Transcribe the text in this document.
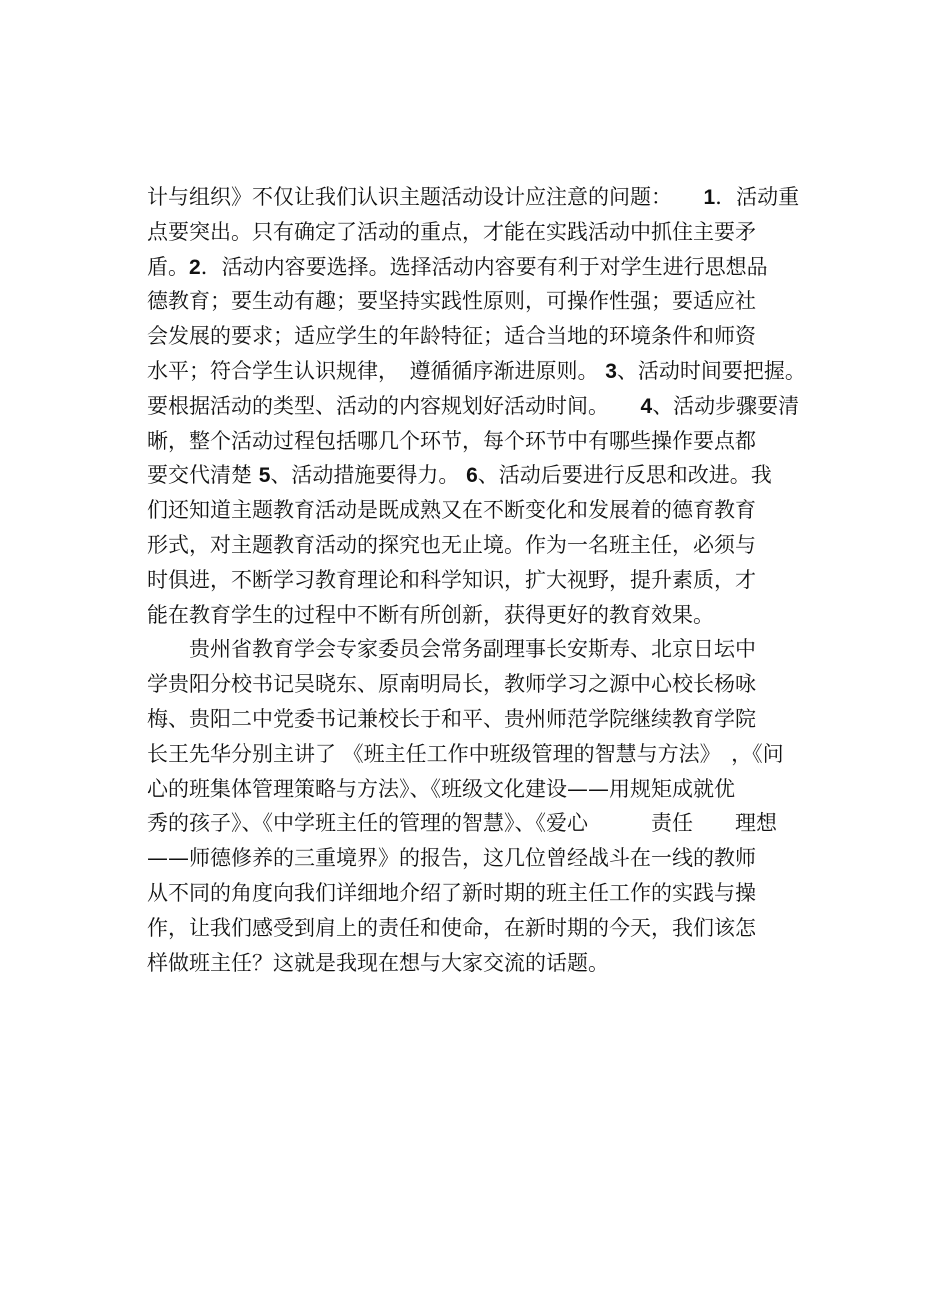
计与组织》不仅让我们认识主题活动设计应注意的问题：　　1．活动重
点要突出。只有确定了活动的重点，才能在实践活动中抓住主要矛
盾。2．活动内容要选择。选择活动内容要有利于对学生进行思想品
德教育；要生动有趣；要坚持实践性原则，可操作性强；要适应社
会发展的要求；适应学生的年龄特征；适合当地的环境条件和师资
水平；符合学生认识规律，　遵循循序渐进原则。 3、活动时间要把握。
要根据活动的类型、活动的内容规划好活动时间。　　4、活动步骤要清
晰，整个活动过程包括哪几个环节，每个环节中有哪些操作要点都
要交代清楚 5、活动措施要得力。 6、活动后要进行反思和改进。我
们还知道主题教育活动是既成熟又在不断变化和发展着的德育教育
形式，对主题教育活动的探究也无止境。作为一名班主任，必须与
时俱进，不断学习教育理论和科学知识，扩大视野，提升素质，才
能在教育学生的过程中不断有所创新，获得更好的教育效果。
　　贵州省教育学会专家委员会常务副理事长安斯寿、北京日坛中
学贵阳分校书记吴晓东、原南明局长，教师学习之源中心校长杨咏
梅、贵阳二中党委书记兼校长于和平、贵州师范学院继续教育学院
长王先华分别主讲了 《班主任工作中班级管理的智慧与方法》　，《问
心的班集体管理策略与方法》、《班级文化建设——用规矩成就优
秀的孩子》、《中学班主任的管理的智慧》、《爱心　　　责任　　理想
——师德修养的三重境界》的报告，这几位曾经战斗在一线的教师
从不同的角度向我们详细地介绍了新时期的班主任工作的实践与操
作，让我们感受到肩上的责任和使命，在新时期的今天，我们该怎
样做班主任？这就是我现在想与大家交流的话题。
